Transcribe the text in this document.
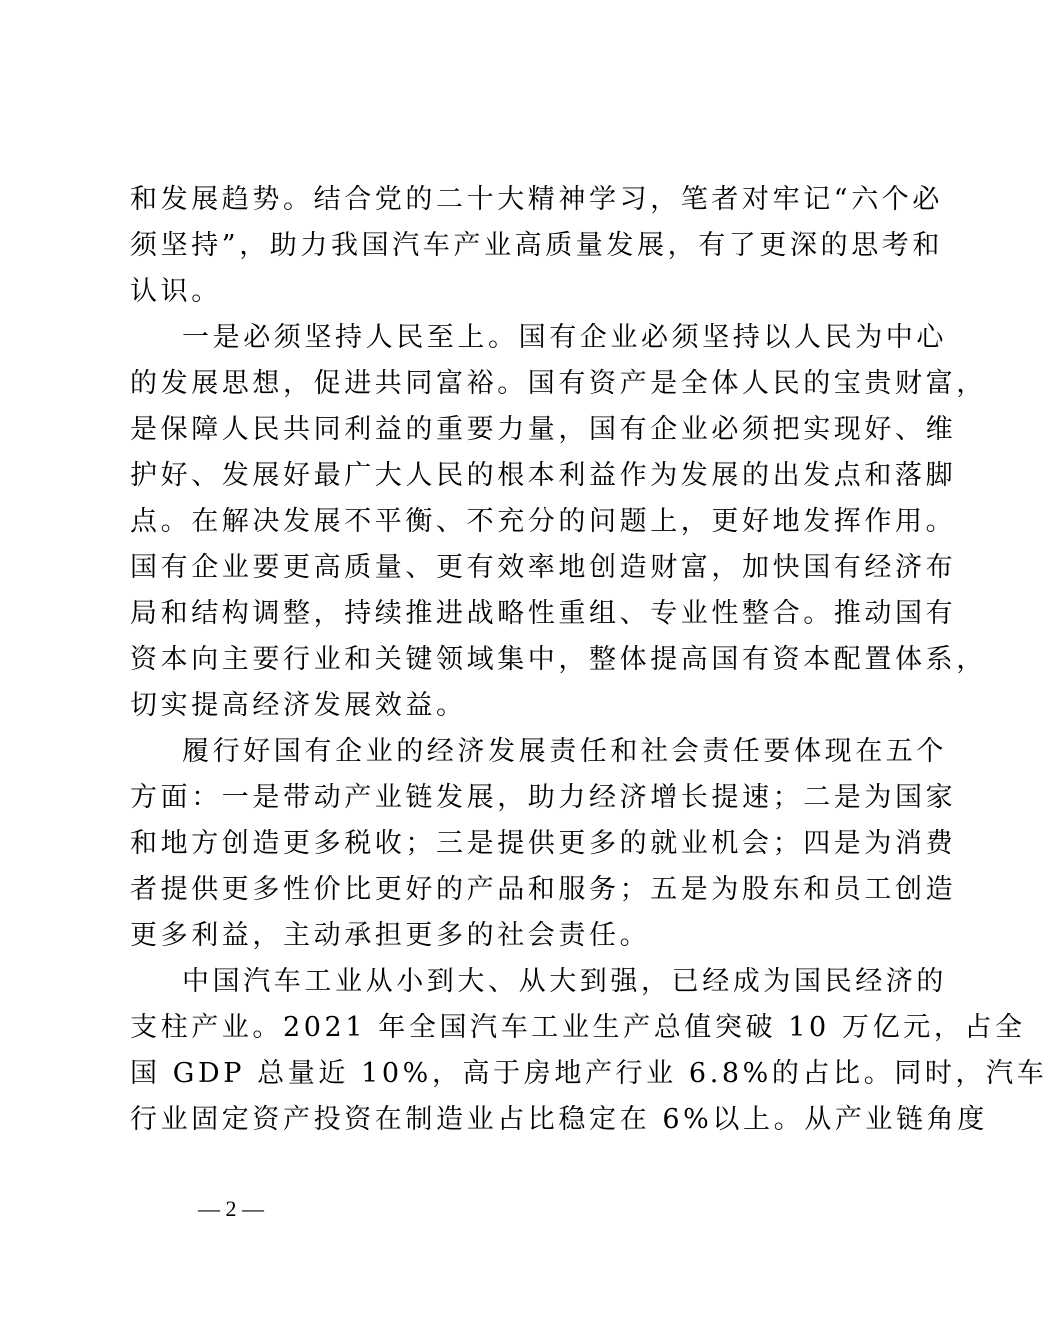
和发展趋势。结合党的二十大精神学习，笔者对牢记“六个必
须坚持”，助力我国汽车产业高质量发展，有了更深的思考和
认识。
一是必须坚持人民至上。国有企业必须坚持以人民为中心
的发展思想，促进共同富裕。国有资产是全体人民的宝贵财富，
是保障人民共同利益的重要力量，国有企业必须把实现好、维
护好、发展好最广大人民的根本利益作为发展的出发点和落脚
点。在解决发展不平衡、不充分的问题上，更好地发挥作用。
国有企业要更高质量、更有效率地创造财富，加快国有经济布
局和结构调整，持续推进战略性重组、专业性整合。推动国有
资本向主要行业和关键领域集中，整体提高国有资本配置体系，
切实提高经济发展效益。
履行好国有企业的经济发展责任和社会责任要体现在五个
方面：一是带动产业链发展，助力经济增长提速；二是为国家
和地方创造更多税收；三是提供更多的就业机会；四是为消费
者提供更多性价比更好的产品和服务；五是为股东和员工创造
更多利益，主动承担更多的社会责任。
中国汽车工业从小到大、从大到强，已经成为国民经济的
支柱产业。2021 年全国汽车工业生产总值突破 10 万亿元，占全
国 GDP 总量近 10%，高于房地产行业 6.8%的占比。同时，汽车
行业固定资产投资在制造业占比稳定在 6%以上。从产业链角度
— 2 —
